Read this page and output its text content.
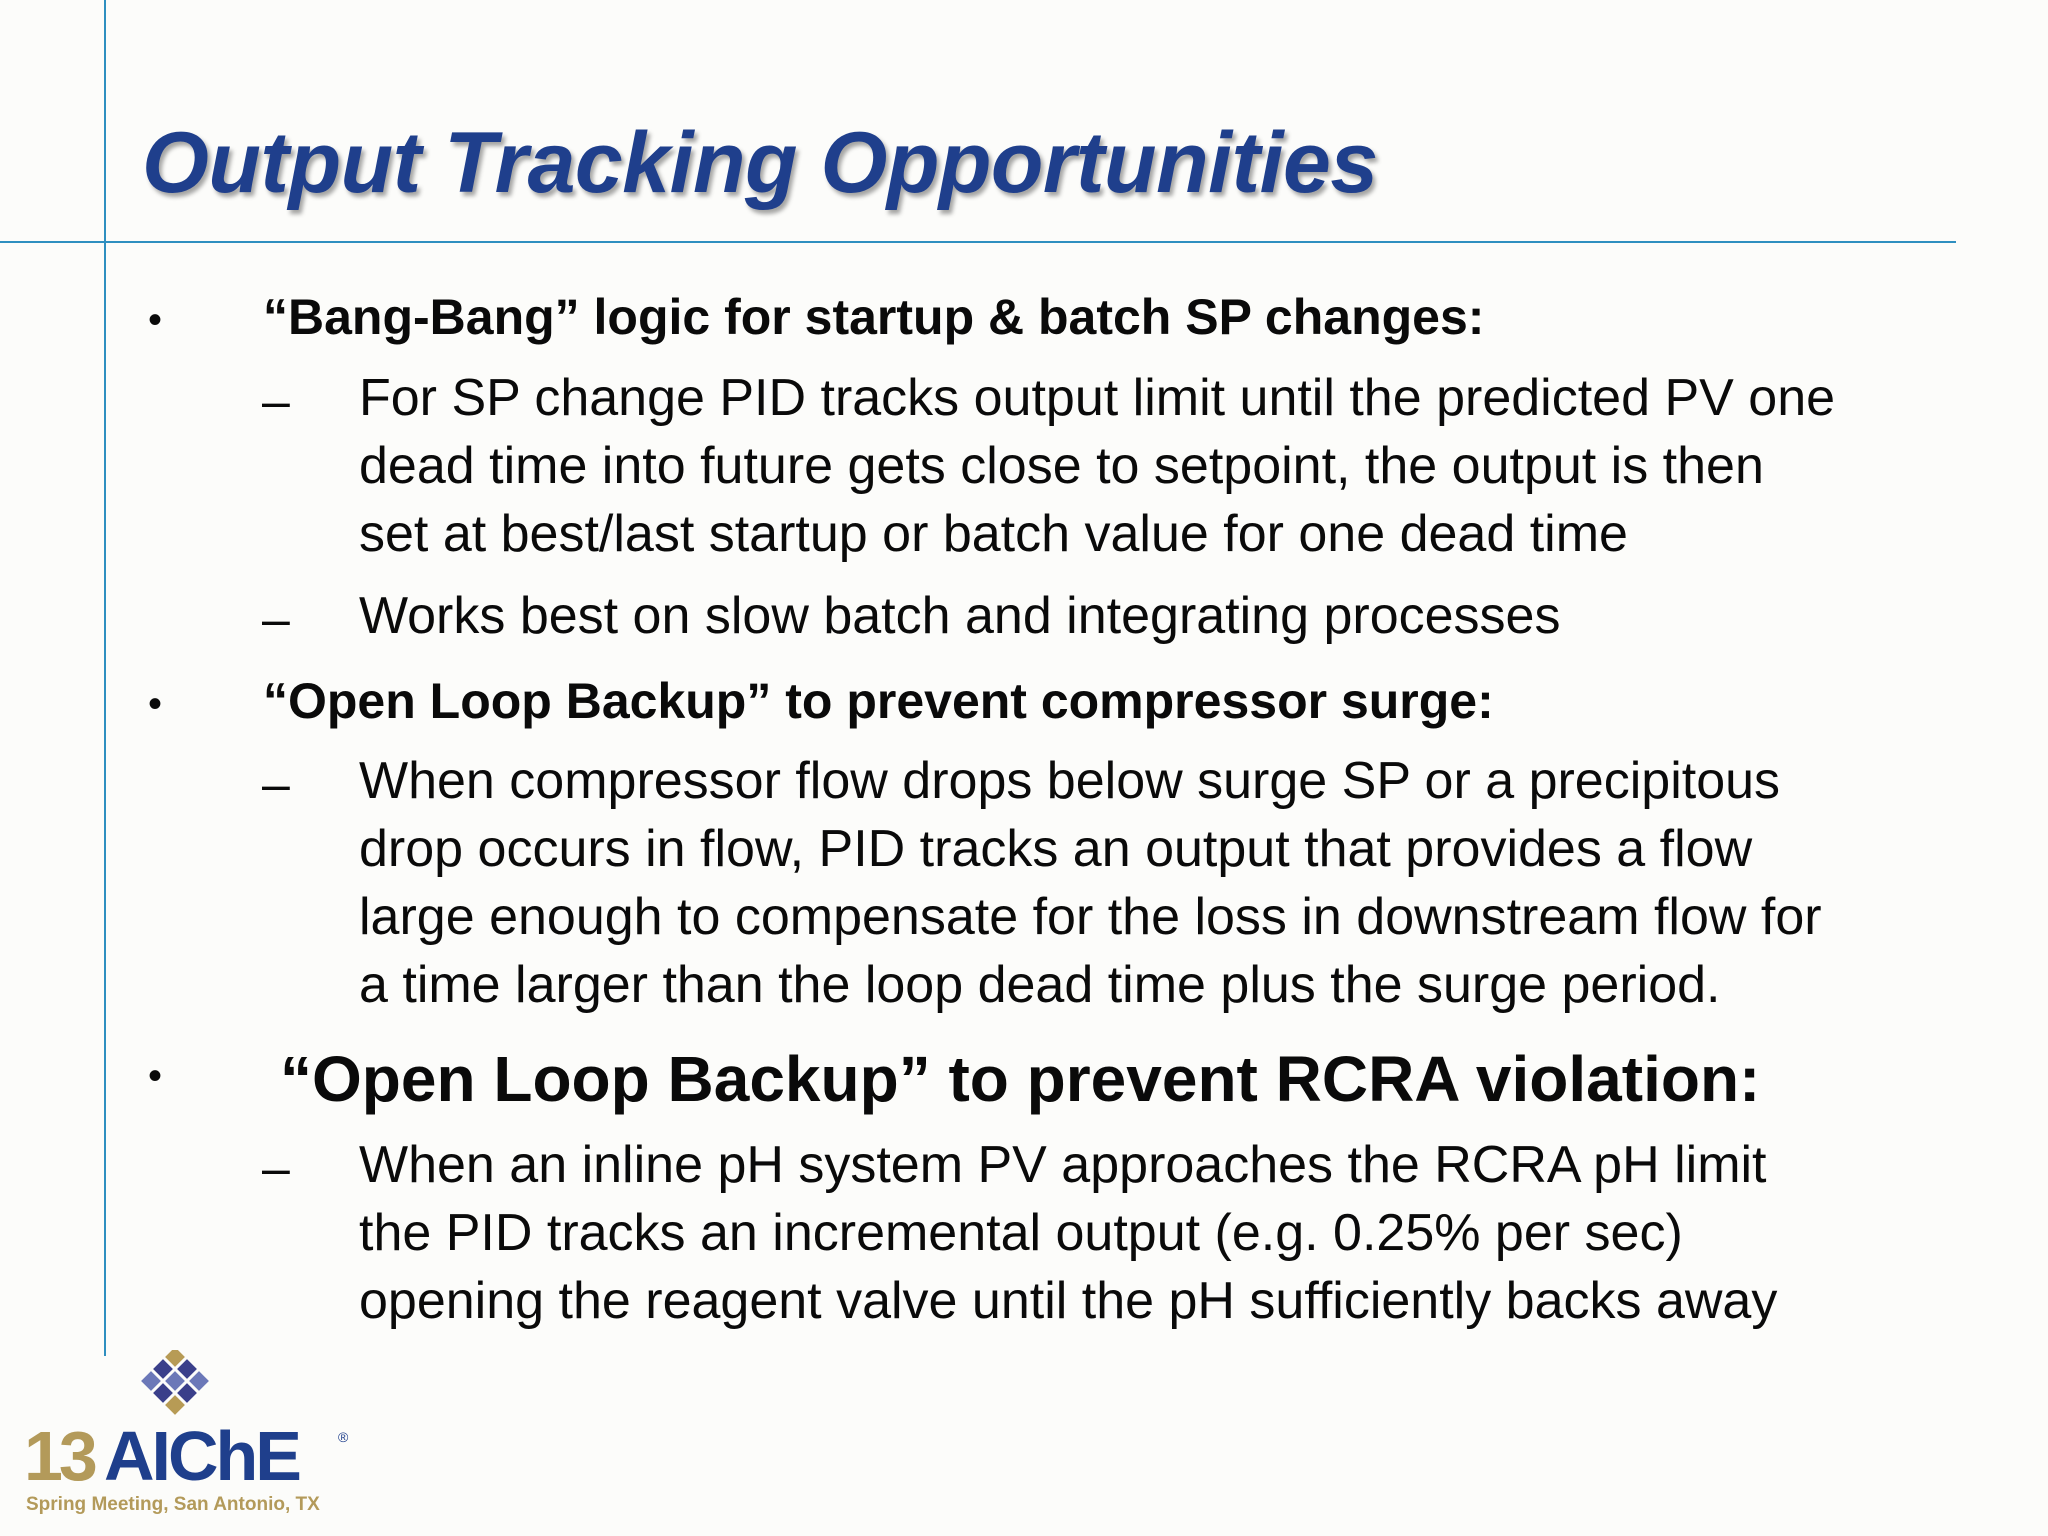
Output Tracking Opportunities
• “Bang-Bang” logic for startup & batch SP changes:
– For SP change PID tracks output limit until the predicted PV one
dead time into future gets close to setpoint, the output is then
set at best/last startup or batch value for one dead time
– Works best on slow batch and integrating processes
• “Open Loop Backup” to prevent compressor surge:
– When compressor flow drops below surge SP or a precipitous
drop occurs in flow, PID tracks an output that provides a flow
large enough to compensate for the loss in downstream flow for
a time larger than the loop dead time plus the surge period.
• “Open Loop Backup” to prevent RCRA violation:
– When an inline pH system PV approaches the RCRA pH limit
the PID tracks an incremental output (e.g. 0.25% per sec)
opening the reagent valve until the pH sufficiently backs away
13 AIChE	®
Spring Meeting, San Antonio, TX
